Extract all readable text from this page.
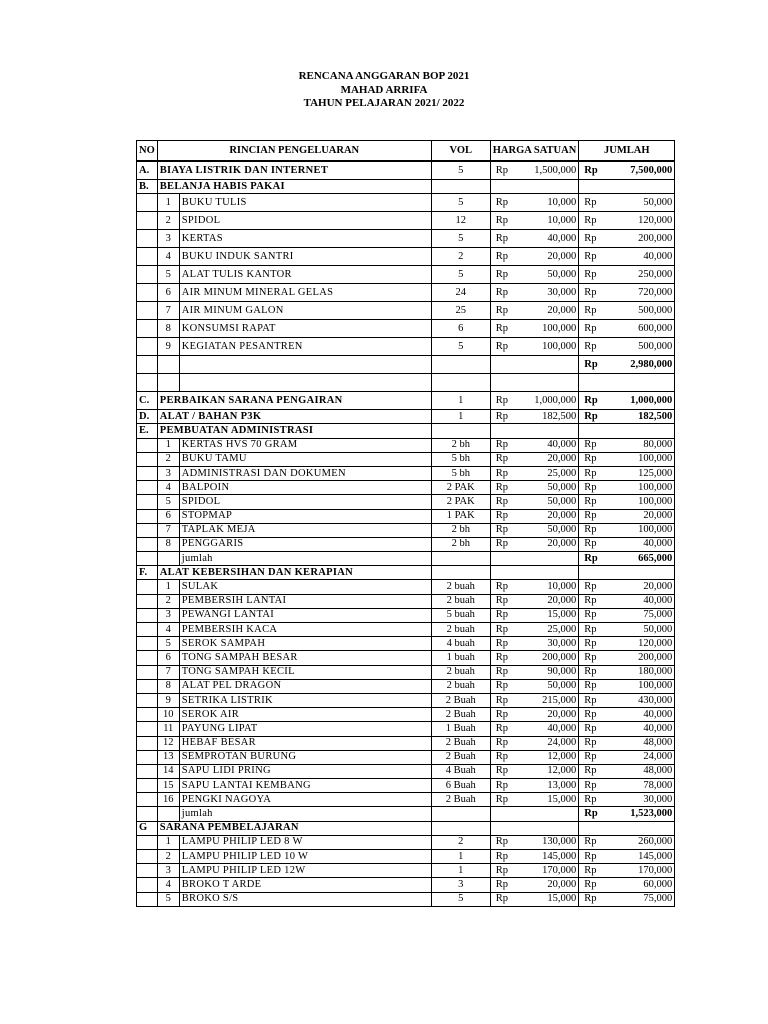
RENCANA ANGGARAN BOP 2021
MAHAD ARRIFA
TAHUN PELAJARAN 2021/ 2022
NO	RINCIAN PENGELUARAN		VOL	HARGA SATUAN	JUMLAH
A.	BIAYA LISTRIK DAN INTERNET		5	Rp 1,500,000	Rp 7,500,000

B.	BELANJA HABIS PAKAI				
	1	BUKU TULIS	5	Rp 10,000	Rp 50,000

	2	SPIDOL	12	Rp 10,000	Rp 120,000

	3	KERTAS	5	Rp 40,000	Rp 200,000

	4	BUKU INDUK SANTRI	2	Rp 20,000	Rp 40,000

	5	ALAT TULIS KANTOR	5	Rp 50,000	Rp 250,000

	6	AIR MINUM MINERAL GELAS	24	Rp 30,000	Rp 720,000

	7	AIR MINUM GALON	25	Rp 20,000	Rp 500,000

	8	KONSUMSI RAPAT	6	Rp 100,000	Rp 600,000

	9	KEGIATAN PESANTREN	5	Rp 100,000	Rp 500,000

					Rp 2,980,000

C.	PERBAIKAN SARANA PENGAIRAN		1	Rp 1,000,000	Rp 1,000,000

D.	ALAT / BAHAN P3K		1	Rp 182,500	Rp 182,500

E.	PEMBUATAN ADMINISTRASI				
	1	KERTAS HVS 70 GRAM	2 bh	Rp 40,000	Rp 80,000

	2	BUKU TAMU	5 bh	Rp 20,000	Rp 100,000

	3	ADMINISTRASI DAN DOKUMEN	5 bh	Rp 25,000	Rp 125,000

	4	BALPOIN	2 PAK	Rp 50,000	Rp 100,000

	5	SPIDOL	2 PAK	Rp 50,000	Rp 100,000

	6	STOPMAP	1 PAK	Rp 20,000	Rp 20,000

	7	TAPLAK MEJA	2 bh	Rp 50,000	Rp 100,000

	8	PENGGARIS	2 bh	Rp 20,000	Rp 40,000

		jumlah			Rp 665,000

F.	ALAT KEBERSIHAN DAN KERAPIAN				
	1	SULAK	2 buah	Rp 10,000	Rp 20,000

	2	PEMBERSIH LANTAI	2 buah	Rp 20,000	Rp 40,000

	3	PEWANGI LANTAI	5 buah	Rp 15,000	Rp 75,000

	4	PEMBERSIH KACA	2 buah	Rp 25,000	Rp 50,000

	5	SEROK SAMPAH	4 buah	Rp 30,000	Rp 120,000

	6	TONG SAMPAH BESAR	1 buah	Rp 200,000	Rp 200,000

	7	TONG SAMPAH KECIL	2 buah	Rp 90,000	Rp 180,000

	8	ALAT PEL DRAGON	2 buah	Rp 50,000	Rp 100,000

	9	SETRIKA LISTRIK	2 Buah	Rp 215,000	Rp 430,000

	10	SEROK AIR	2 Buah	Rp 20,000	Rp 40,000

	11	PAYUNG LIPAT	1 Buah	Rp 40,000	Rp 40,000

	12	HEBAF BESAR	2 Buah	Rp 24,000	Rp 48,000

	13	SEMPROTAN BURUNG	2 Buah	Rp 12,000	Rp 24,000

	14	SAPU LIDI PRING	4 Buah	Rp 12,000	Rp 48,000

	15	SAPU LANTAI KEMBANG	6 Buah	Rp 13,000	Rp 78,000

	16	PENGKI NAGOYA	2 Buah	Rp 15,000	Rp 30,000

		jumlah			Rp 1,523,000

G	SARANA PEMBELAJARAN				
	1	LAMPU PHILIP LED 8 W	2	Rp 130,000	Rp 260,000

	2	LAMPU PHILIP LED 10 W	1	Rp 145,000	Rp 145,000

	3	LAMPU PHILIP LED 12W	1	Rp 170,000	Rp 170,000

	4	BROKO T ARDE	3	Rp 20,000	Rp 60,000

	5	BROKO S/S	5	Rp 15,000	Rp 75,000
